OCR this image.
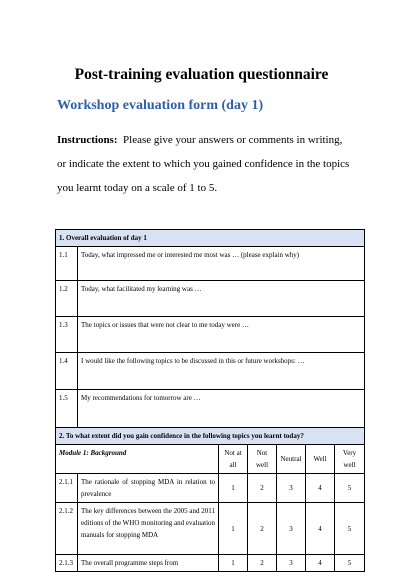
Post-training evaluation questionnaire
Workshop evaluation form (day 1)
Instructions: Please give your answers or comments in writing,
or indicate the extent to which you gained confidence in the topics
you learnt today on a scale of 1 to 5.
1. Overall evaluation of day 1						
1.1	Today, what impressed me or interested me most was … (please explain why)					
1.2	Today, what facilitated my learning was …					
1.3	The topics or issues that were not clear to me today were …					
1.4	I would like the following topics to be discussed in this or future workshops: …					
1.5	My recommendations for tomorrow are …					
2. To what extent did you gain confidence in the following topics you learnt today?						
Module 1: Background		Not at all	Not well	Neutral	Well	Very well
2.1.1	The rationale of stopping MDA in relation to prevalence	1	2	3	4	5
2.1.2	The key differences between the 2005 and 2011 editions of the WHO monitoring and evaluation manuals for stopping MDA	1	2	3	4	5
2.1.3	The overall programme steps from	1	2	3	4	5
